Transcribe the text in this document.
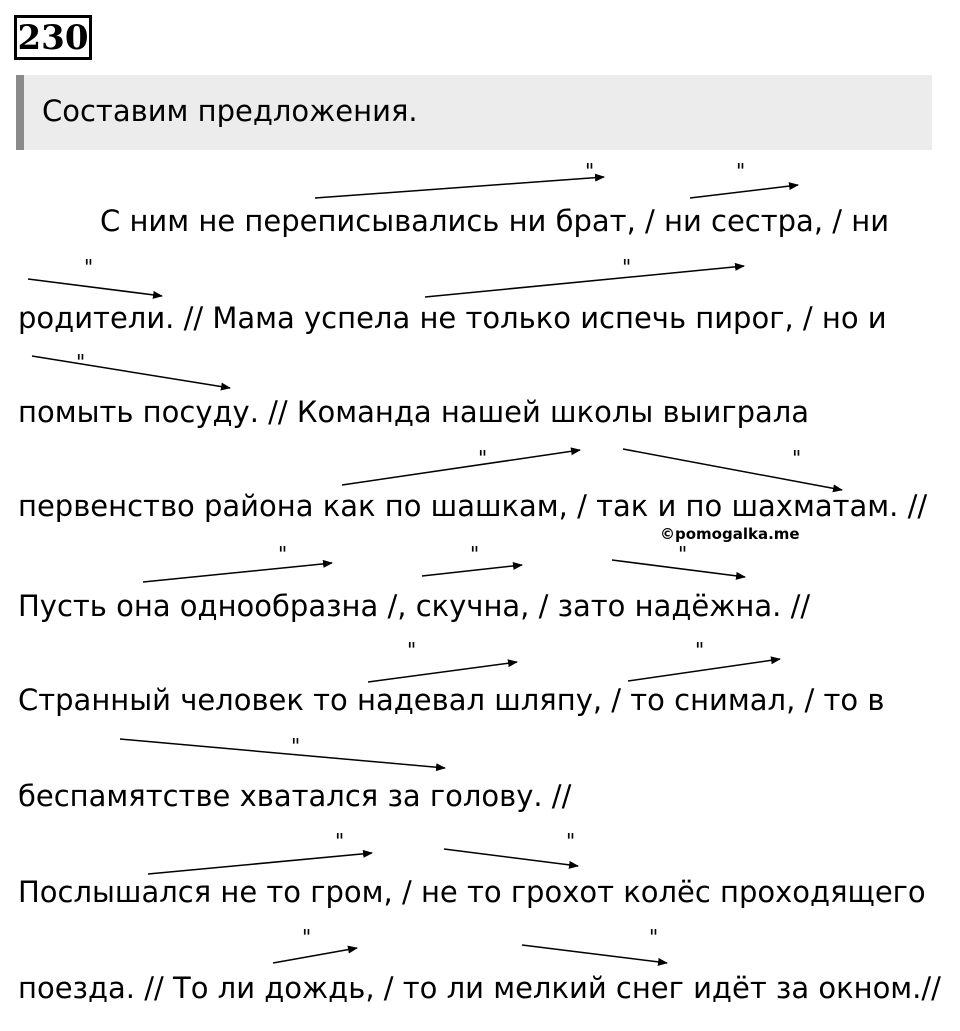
230
Составим предложения.
С ним не переписывались ни брат, / ни сестра, / ни
родители. // Мама успела не только испечь пирог, / но и
помыть посуду. // Команда нашей школы выиграла
первенство района как по шашкам, / так и по шахматам. //
Пусть она однообразна /, скучна, / зато надёжна. //
Странный человек то надевал шляпу, / то снимал, / то в
беспамятстве хватался за голову. //
Послышался не то гром, / не то грохот колёс проходящего
поезда. // То ли дождь, / то ли мелкий снег идёт за окном.//
©pomogalka.me
"	"
"	"
"
"	"
"	"	"
"	"
"
"	"
"	"
